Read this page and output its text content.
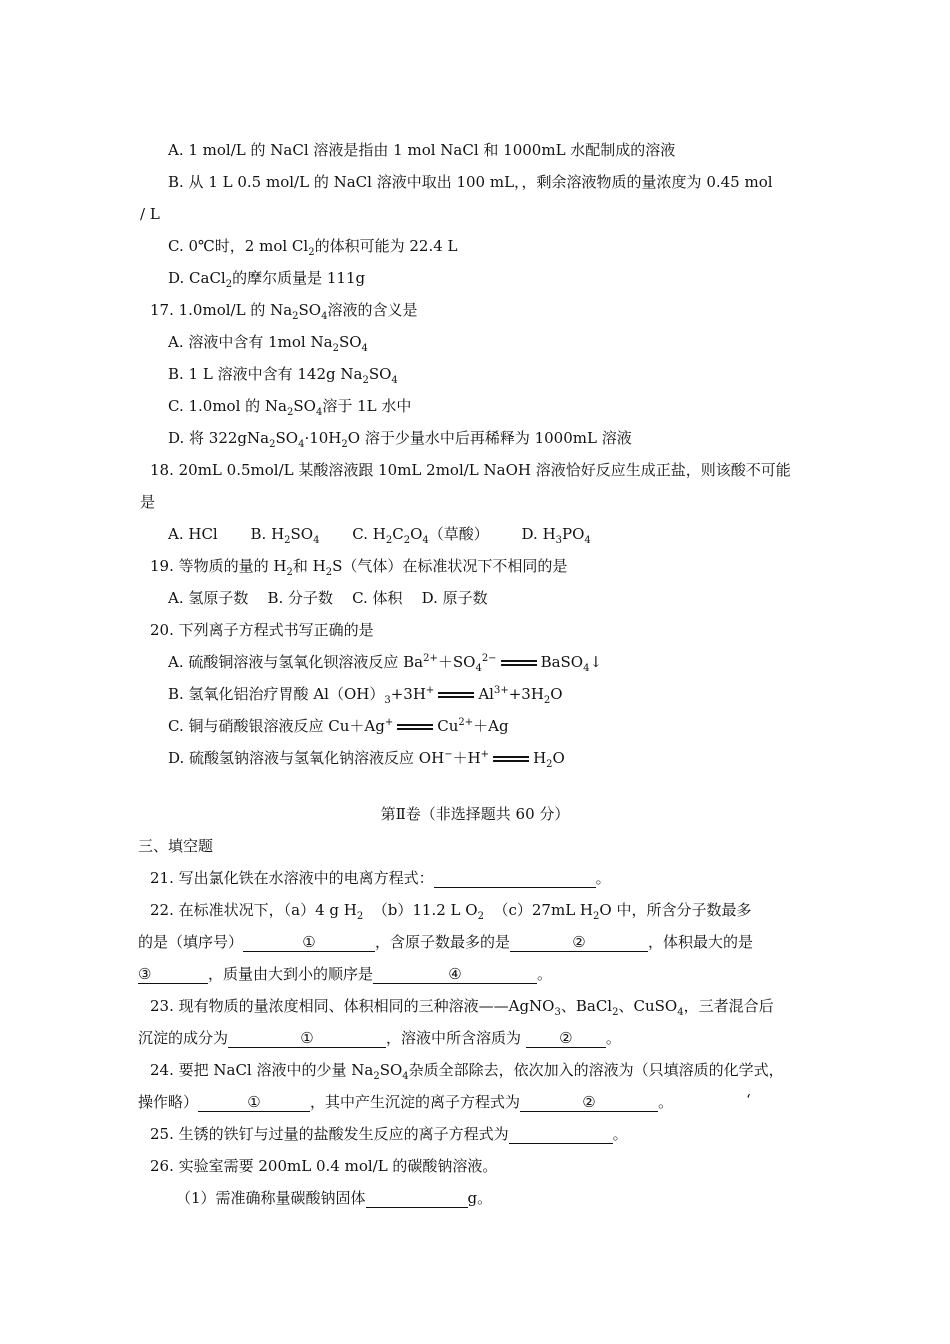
A. 1 mol/L 的 NaCl 溶液是指由 1 mol NaCl 和 1000mL 水配制成的溶液
B. 从 1 L 0.5 mol/L 的 NaCl 溶液中取出 100 mL，，剩余溶液物质的量浓度为 0.45 mol
/ L
C. 0℃时，2 mol $Cl_2$的体积可能为 22.4 L
D. CaCl$_2$的摩尔质量是 111g
17. 1.0mol/L 的 $Na_2SO_4$溶液的含义是
A. 溶液中含有 1mol $Na_2SO_4$
B. 1 L 溶液中含有 142g $Na_2SO_4$
C. 1.0mol 的 $Na_2SO_4$溶于 1L 水中
D. 将 $322gNa_2SO_4\cdot 10H_2O$ 溶于少量水中后再稀释为 1000mL 溶液
18. 20mL 0.5mol/L 某酸溶液跟 10mL 2mol/L NaOH 溶液恰好反应生成正盐，则该酸不可能
是
A. HCl B. $H_2SO_4$ C. $H_2C_2O_4$（草酸） D. $H_3PO_4$
19. 等物质的量的 $H_2$和 $H_2S$（气体）在标准状况下不相同的是
A. 氢原子数    B. 分子数    C. 体积    D. 原子数
20. 下列离子方程式书写正确的是
A. 硫酸铜溶液与氢氧化钡溶液反应 $Ba^{2+}+SO_4^{2-}$	BaSO$_4$↓
B. 氢氧化铝治疗胃酸 $Al(OH)_3+3H^+$	$Al^{3+}+3H_2O$
C. 铜与硝酸银溶液反应 Cu＋Ag+	$Cu^{2+}+Ag$
D. 硫酸氢钠溶液与氢氧化钠溶液反应 OH−＋H+	$H_2O$
第Ⅱ卷（非选择题共 60 分）
三、填空题
21. 写出氯化铁在水溶液中的电离方程式：	。
22. 在标准状况下，（a）4 g $H_2$ （b）11.2 L $O_2$ （c）27mL $H_2O$ 中，所含分子数最多
的是（填序号）	①	，含原子数最多的是	②	，体积最大的是
③	，质量由大到小的顺序是	④	。
23. 现有物质的量浓度相同、体积相同的三种溶液——AgNO$_3$、BaCl$_2$、CuSO$_4$，三者混合后
沉淀的成分为	①	，溶液中所含溶质为	② 。
24. 要把 NaCl 溶液中的少量 $Na_2SO_4$杂质全部除去，依次加入的溶液为（只填溶质的化学式，
操作略）	①	，其中产生沉淀的离子方程式为	②	。	‘
25. 生锈的铁钉与过量的盐酸发生反应的离子方程式为	。
26. 实验室需要 200mL 0.4 mol/L 的碳酸钠溶液。
（1）需准确称量碳酸钠固体	g。
